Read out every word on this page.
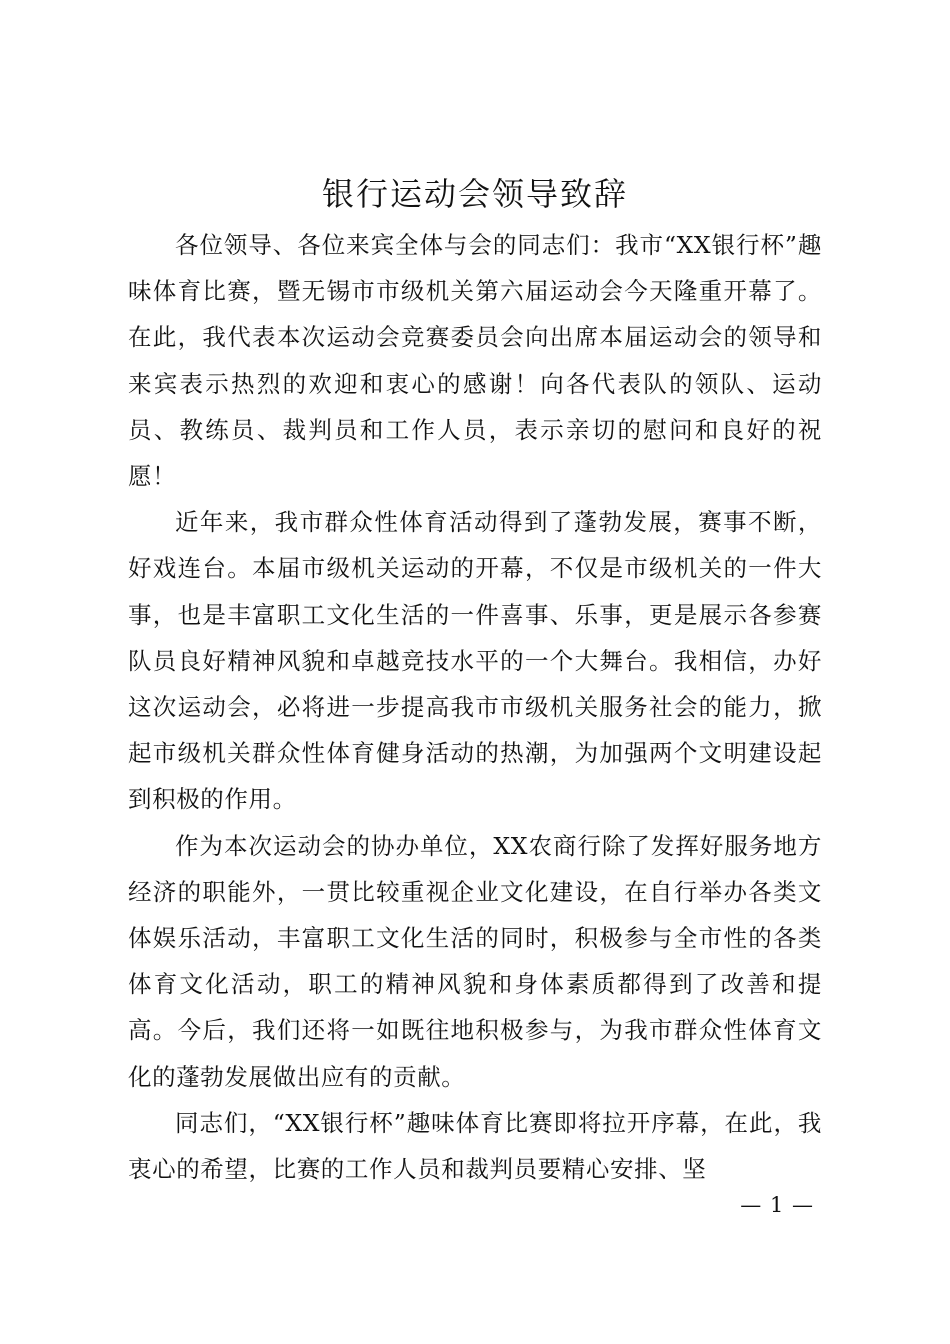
银行运动会领导致辞

各位领导、各位来宾全体与会的同志们：我市“XX银行杯”趣味体育比赛，暨无锡市市级机关第六届运动会今天隆重开幕了。在此，我代表本次运动会竞赛委员会向出席本届运动会的领导和来宾表示热烈的欢迎和衷心的感谢！向各代表队的领队、运动员、教练员、裁判员和工作人员，表示亲切的慰问和良好的祝愿！

近年来，我市群众性体育活动得到了蓬勃发展，赛事不断，好戏连台。本届市级机关运动的开幕，不仅是市级机关的一件大事，也是丰富职工文化生活的一件喜事、乐事，更是展示各参赛队员良好精神风貌和卓越竞技水平的一个大舞台。我相信，办好这次运动会，必将进一步提高我市市级机关服务社会的能力，掀起市级机关群众性体育健身活动的热潮，为加强两个文明建设起到积极的作用。

作为本次运动会的协办单位，XX农商行除了发挥好服务地方经济的职能外，一贯比较重视企业文化建设，在自行举办各类文体娱乐活动，丰富职工文化生活的同时，积极参与全市性的各类体育文化活动，职工的精神风貌和身体素质都得到了改善和提高。今后，我们还将一如既往地积极参与，为我市群众性体育文化的蓬勃发展做出应有的贡献。

同志们，“XX银行杯”趣味体育比赛即将拉开序幕，在此，我衷心的希望，比赛的工作人员和裁判员要精心安排、坚

— 1 —
